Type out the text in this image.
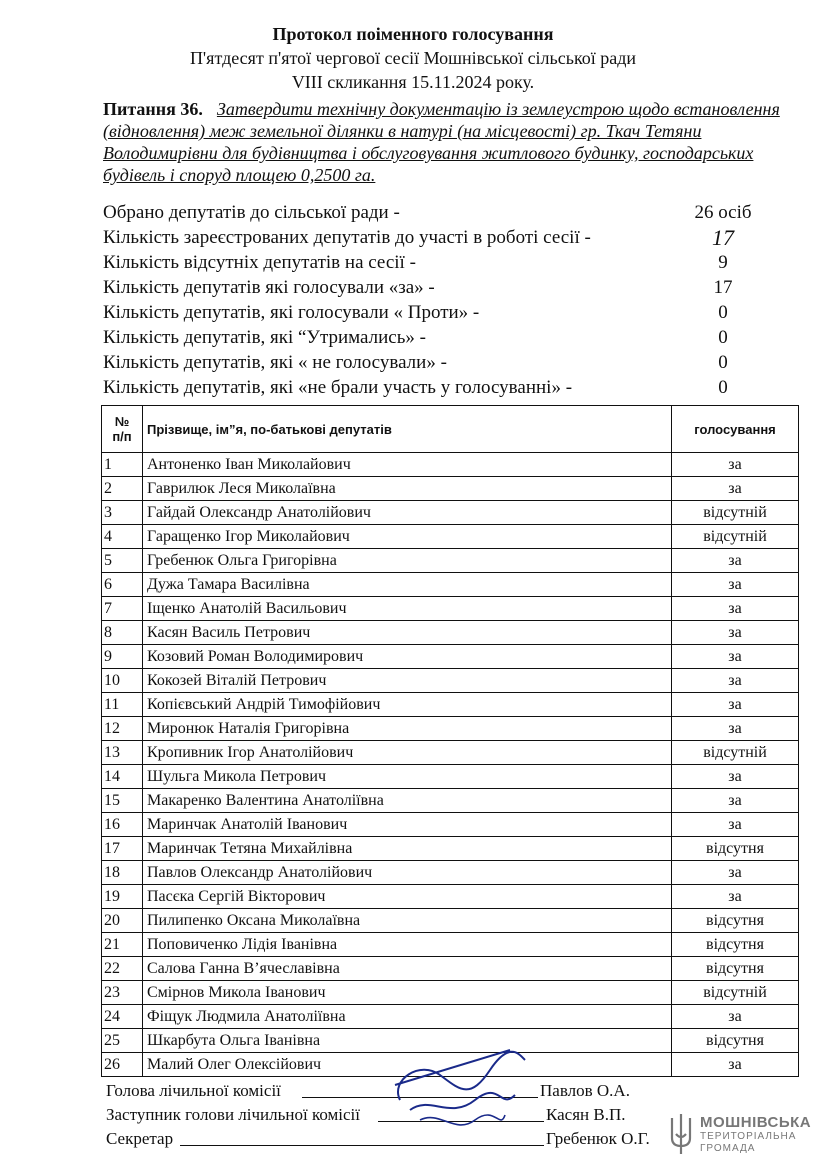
Протокол поіменного голосування
П'ятдесят п'ятої чергової сесії Мошнівської сільської ради
VIII скликання 15.11.2024 року.
Питання 36. Затвердити технічну документацію із землеустрою щодо встановлення (відновлення) меж земельної ділянки в натурі (на місцевості) гр. Ткач Тетяни Володимирівни для будівництва і обслуговування житлового будинку, господарських будівель і споруд площею 0,2500 га.
Обрано депутатів до сільської ради -	26 осіб
Кількість зареєстрованих депутатів до участі в роботі сесії -	17
Кількість відсутніх депутатів на сесії -	9
Кількість депутатів які голосували «за» -	17
Кількість депутатів, які голосували « Проти» -	0
Кількість депутатів, які “Утримались» -	0
Кількість депутатів, які « не голосували» -	0
Кількість депутатів, які «не брали участь у голосуванні» -	0
№
п/п	Прізвище, ім”я, по-батькові депутатів	голосування
1	Антоненко Іван Миколайович	за
2	Гаврилюк Леся Миколаївна	за
3	Гайдай Олександр Анатолійович	відсутній
4	Гаращенко Ігор Миколайович	відсутній
5	Гребенюк Ольга Григорівна	за
6	Дужа Тамара Василівна	за
7	Іщенко Анатолій Васильович	за
8	Касян Василь Петрович	за
9	Козовий Роман Володимирович	за
10	Кокозей Віталій Петрович	за
11	Копієвський Андрій Тимофійович	за
12	Миронюк Наталія Григорівна	за
13	Кропивник Ігор Анатолійович	відсутній
14	Шульга Микола Петрович	за
15	Макаренко Валентина Анатоліївна	за
16	Маринчак Анатолій Іванович	за
17	Маринчак Тетяна Михайлівна	відсутня
18	Павлов Олександр Анатолійович	за
19	Пасєка Сергій Вікторович	за
20	Пилипенко Оксана Миколаївна	відсутня
21	Поповиченко Лідія Іванівна	відсутня
22	Салова Ганна В’ячеславівна	відсутня
23	Смірнов Микола Іванович	відсутній
24	Фіщук Людмила Анатоліївна	за
25	Шкарбута Ольга Іванівна	відсутня
26	Малий Олег Олексійович	за
Голова лічильної комісії	Павлов О.А.
Заступник голови лічильної комісії	Касян В.П.
Секретар	Гребенюк О.Г.
МОШНІВСЬКА
ТЕРИТОРІАЛЬНА
ГРОМАДА
